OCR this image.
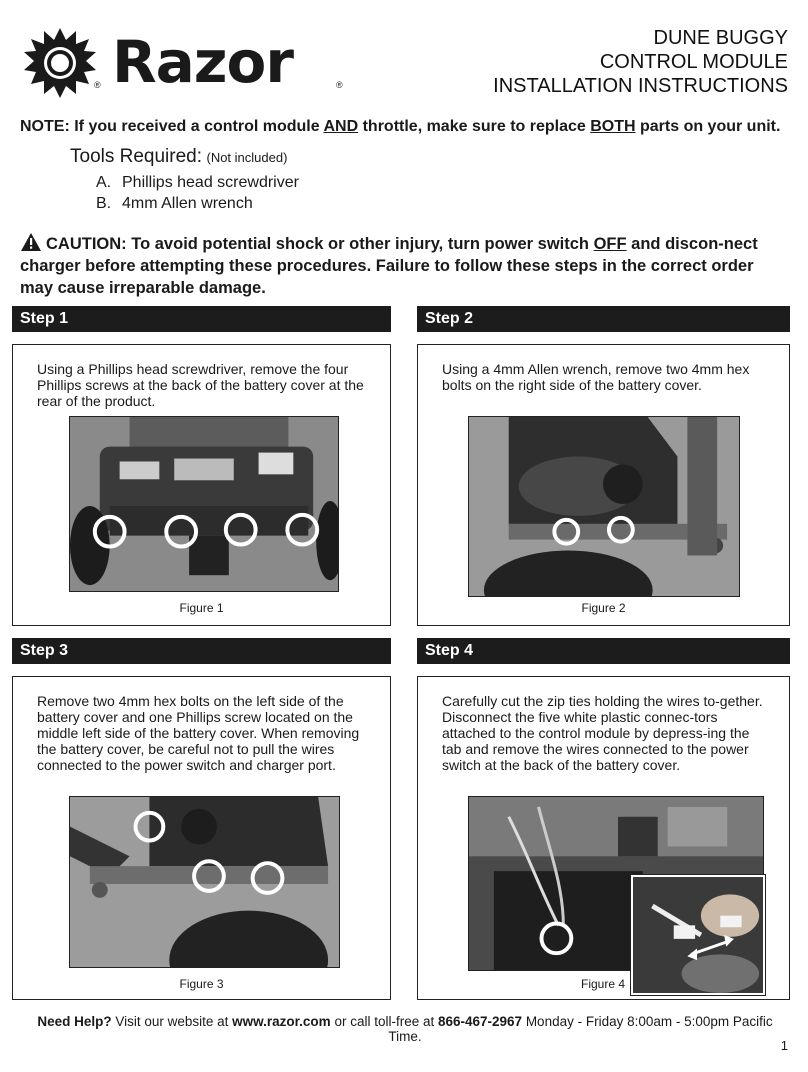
® Razor	®
DUNE BUGGY
CONTROL MODULE
INSTALLATION INSTRUCTIONS
NOTE: If you received a control module AND throttle, make sure to replace BOTH parts on your unit.
Tools Required: (Not included)
A. Phillips head screwdriver
B. 4mm Allen wrench
CAUTION: To avoid potential shock or other injury, turn power switch OFF and discon-nect charger before attempting these procedures. Failure to follow these steps in the correct order may cause irreparable damage.
Step 1
Using a Phillips head screwdriver, remove the four Phillips screws at the back of the battery cover at the rear of the product.
Figure 1
Step 2
Using a 4mm Allen wrench, remove two 4mm hex bolts on the right side of the battery cover.
Figure 2
Step 3
Remove two 4mm hex bolts on the left side of the battery cover and one Phillips screw located on the middle left side of the battery cover. When removing the battery cover, be careful not to pull the wires connected to the power switch and charger port.
Figure 3
Step 4
Carefully cut the zip ties holding the wires to-gether. Disconnect the five white plastic connec-tors attached to the control module by depress-ing the tab and remove the wires connected to the power switch at the back of the battery cover.
Figure 4
Need Help? Visit our website at www.razor.com or call toll-free at 866-467-2967 Monday - Friday 8:00am - 5:00pm Pacific Time.
1
